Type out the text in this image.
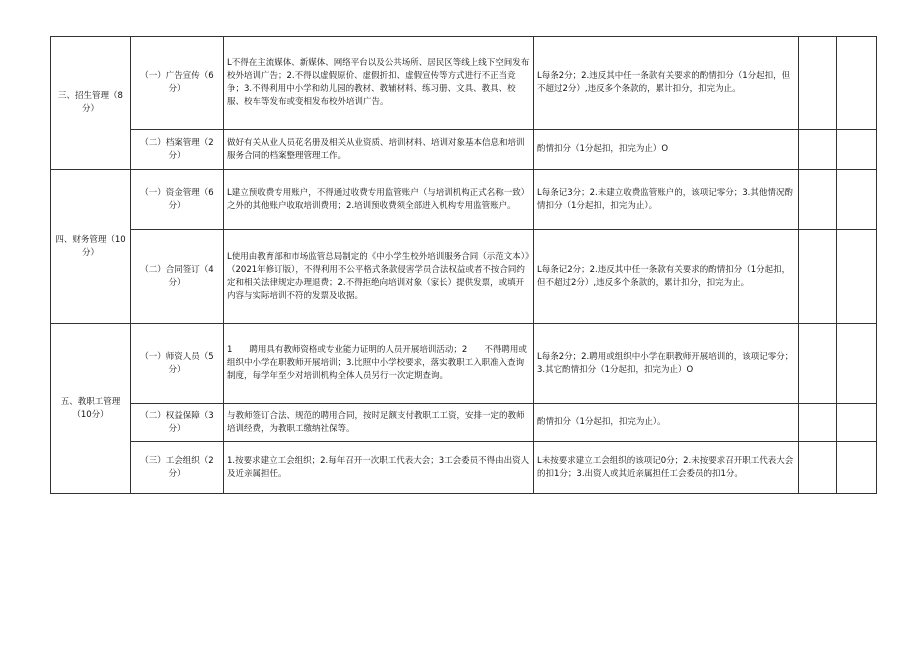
三、招生管理（8分）	（一）广告宣传（6分）	L不得在主流媒体、新媒体、网络平台以及公共场所、居民区等线上线下空间发布校外培训广告；2.不得以虚假原价、虚假折扣、虚假宣传等方式进行不正当竞争；3.不得利用中小学和幼儿园的教材、教辅材料、练习册、文具、教具、校服、校车等发布或变相发布校外培训广告。	L每条2分；2.违反其中任一条款有关要求的酌情扣分（1分起扣，但不超过2分）,违反多个条款的，累计扣分，扣完为止。		
	（二）档案管理（2分）	做好有关从业人员花名册及相关从业资质、培训材料、培训对象基本信息和培训服务合同的档案整理管理工作。	酌情扣分（1分起扣，扣完为止）O		
四、财务管理（10分）	（一）资金管理（6分）	L建立预收费专用账户，不得通过收费专用监管账户（与培训机构正式名称一致）之外的其他账户收取培训费用；2.培训预收费须全部进入机构专用监管账户。	L每条记3分；2.未建立收费监管账户的，该项记零分；3.其他情况酌情扣分（1分起扣，扣完为止）。		
	（二）合同签订（4分）	L使用由教育部和市场监管总局制定的《中小学生校外培训服务合同（示范文本）》（2021年修订版），不得利用不公平格式条款侵害学员合法权益或者不按合同约定和相关法律规定办理退费；2.不得拒绝向培训对象（家长）提供发票，或填开内容与实际培训不符的发票及收据。	L每条记2分；2.违反其中任一条款有关要求的酌情扣分（1分起扣，但不超过2分）,违反多个条款的，累计扣分，扣完为止。		
五、教职工管理（10分）	（一）师资人员（5分）	1　　聘用具有教师资格或专业能力证明的人员开展培训活动；2　　不得聘用或组织中小学在职教师开展培训；3.比照中小学校要求，落实教职工入职准入查询制度，每学年至少对培训机构全体人员另行一次定期查询。	L每条2分；2.聘用或组织中小学在职教师开展培训的，该项记零分；3.其它酌情扣分（1分起扣，扣完为止）O		
	（二）权益保障（3分）	与教师签订合法、规范的聘用合同，按时足额支付教职工工资，安排一定的教师培训经费，为教职工缴纳社保等。	酌情扣分（1分起扣，扣完为止）。		
	（三）工会组织（2分）	1.按要求建立工会组织；2.每年召开一次职工代表大会；3工会委员不得由出资人及近亲属担任。	L未按要求建立工会组织的该项记0分；2.未按要求召开职工代表大会的扣1分；3.出资人或其近亲属担任工会委员的扣1分。		
